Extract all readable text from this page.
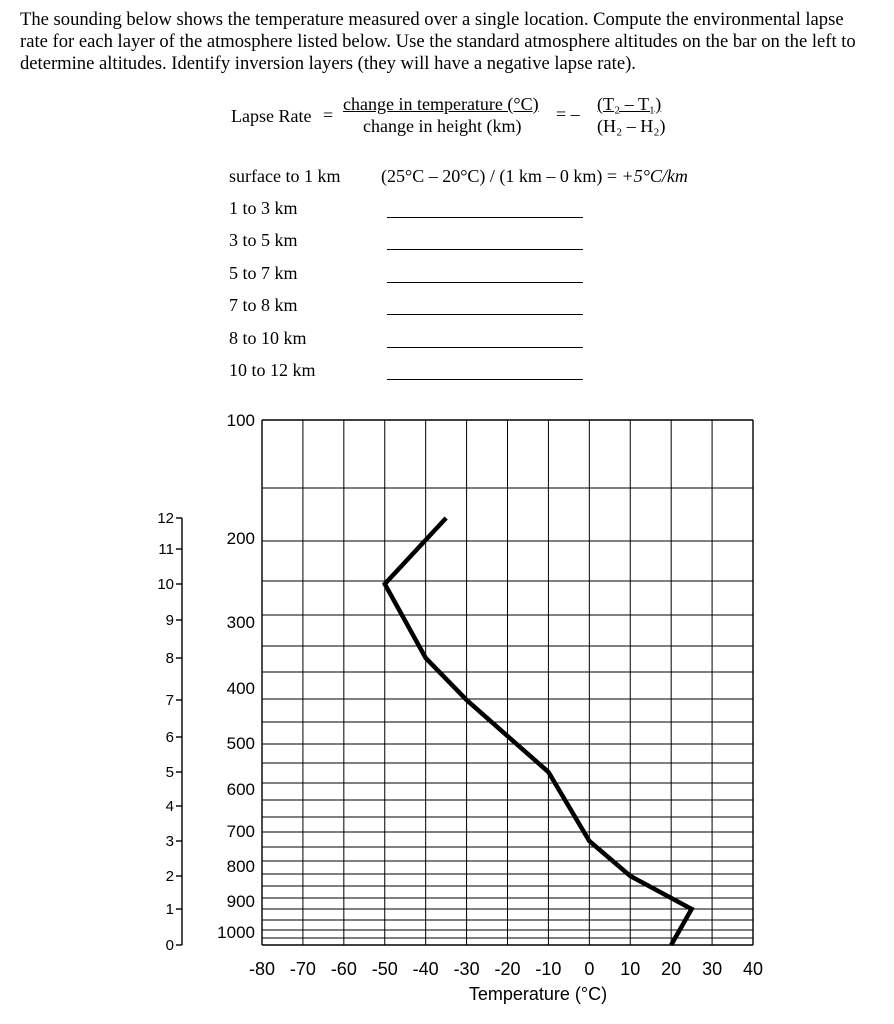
The sounding below shows the temperature measured over a single location. Compute the environmental lapse rate for each layer of the atmosphere listed below. Use the standard atmosphere altitudes on the bar on the left to determine altitudes. Identify inversion layers (they will have a negative lapse rate).
Lapse Rate =
change in temperature (°C)
change in height (km)
= – (T₂ – T₁)
(H₂ – H₂)
surface to 1 km (25°C – 20°C) / (1 km – 0 km) = +5°C/km
1 to 3 km
3 to 5 km
5 to 7 km
7 to 8 km
8 to 10 km
10 to 12 km
-80 -70 -60 -50 -40 -30 -20 -10 0 10 20 30 40
100
200
300
400
500
600
700
800
900
1000
12
11
10
9
8
7
6
5
4
3
2
1
0
Temperature (°C)
